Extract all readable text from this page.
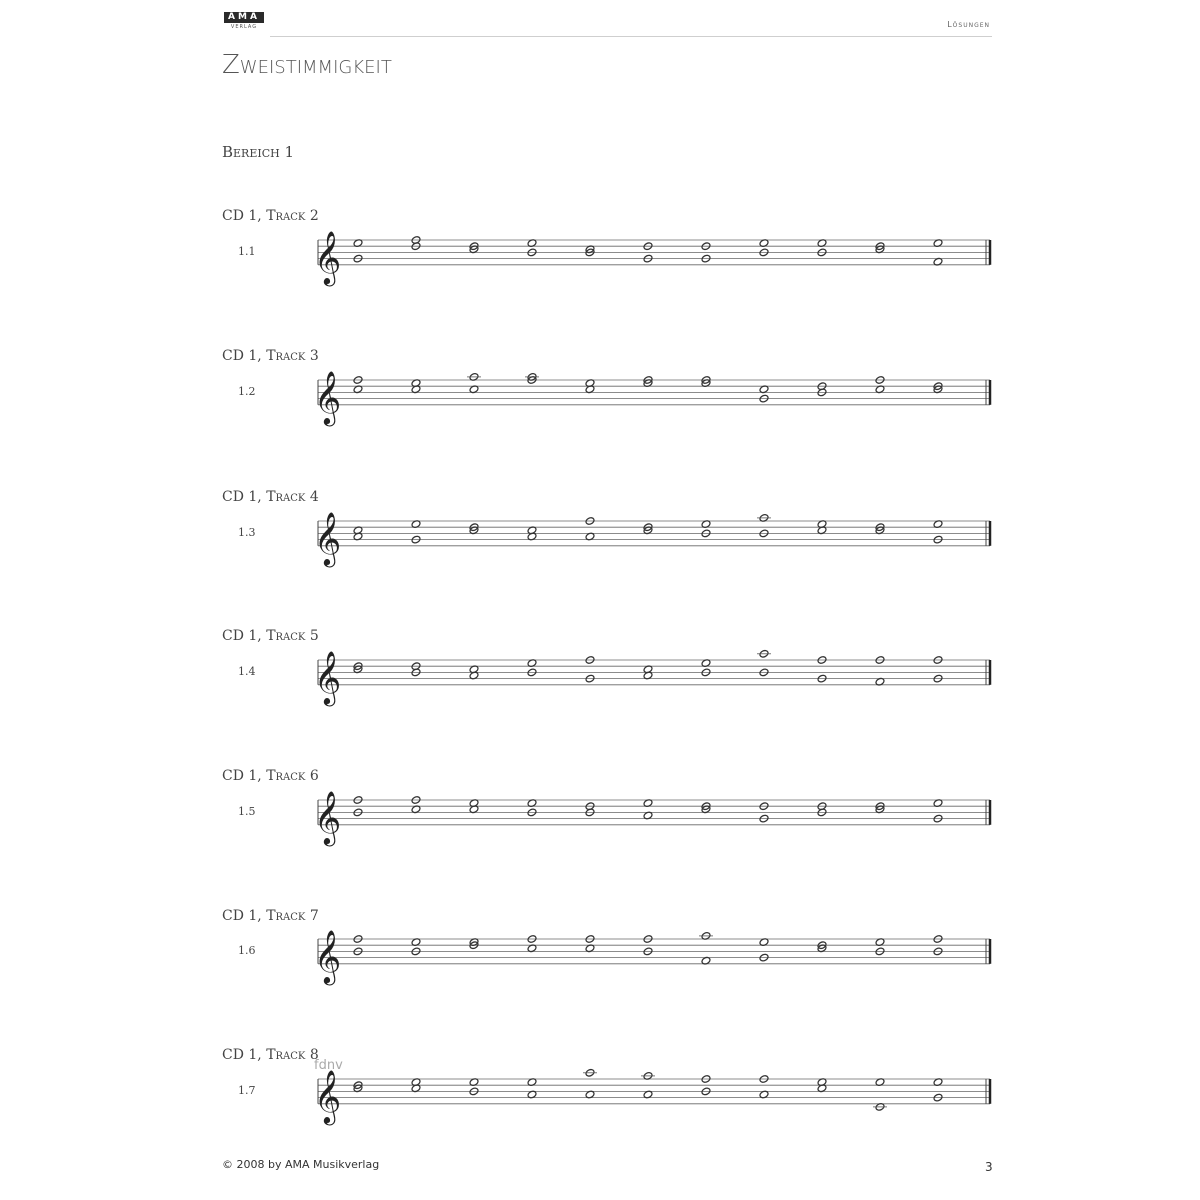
AMA
VERLAG	Lösungen
Zweistimmigkeit
Bereich 1
CD 1, Track 2
1.1 𝄞
CD 1, Track 3
1.2 𝄞
CD 1, Track 4
1.3 𝄞
CD 1, Track 5
1.4 𝄞
CD 1, Track 6
1.5 𝄞
CD 1, Track 7
1.6 𝄞
CD 1, Track 8
1.7 𝄞
fdnv
© 2008 by AMA Musikverlag	3
